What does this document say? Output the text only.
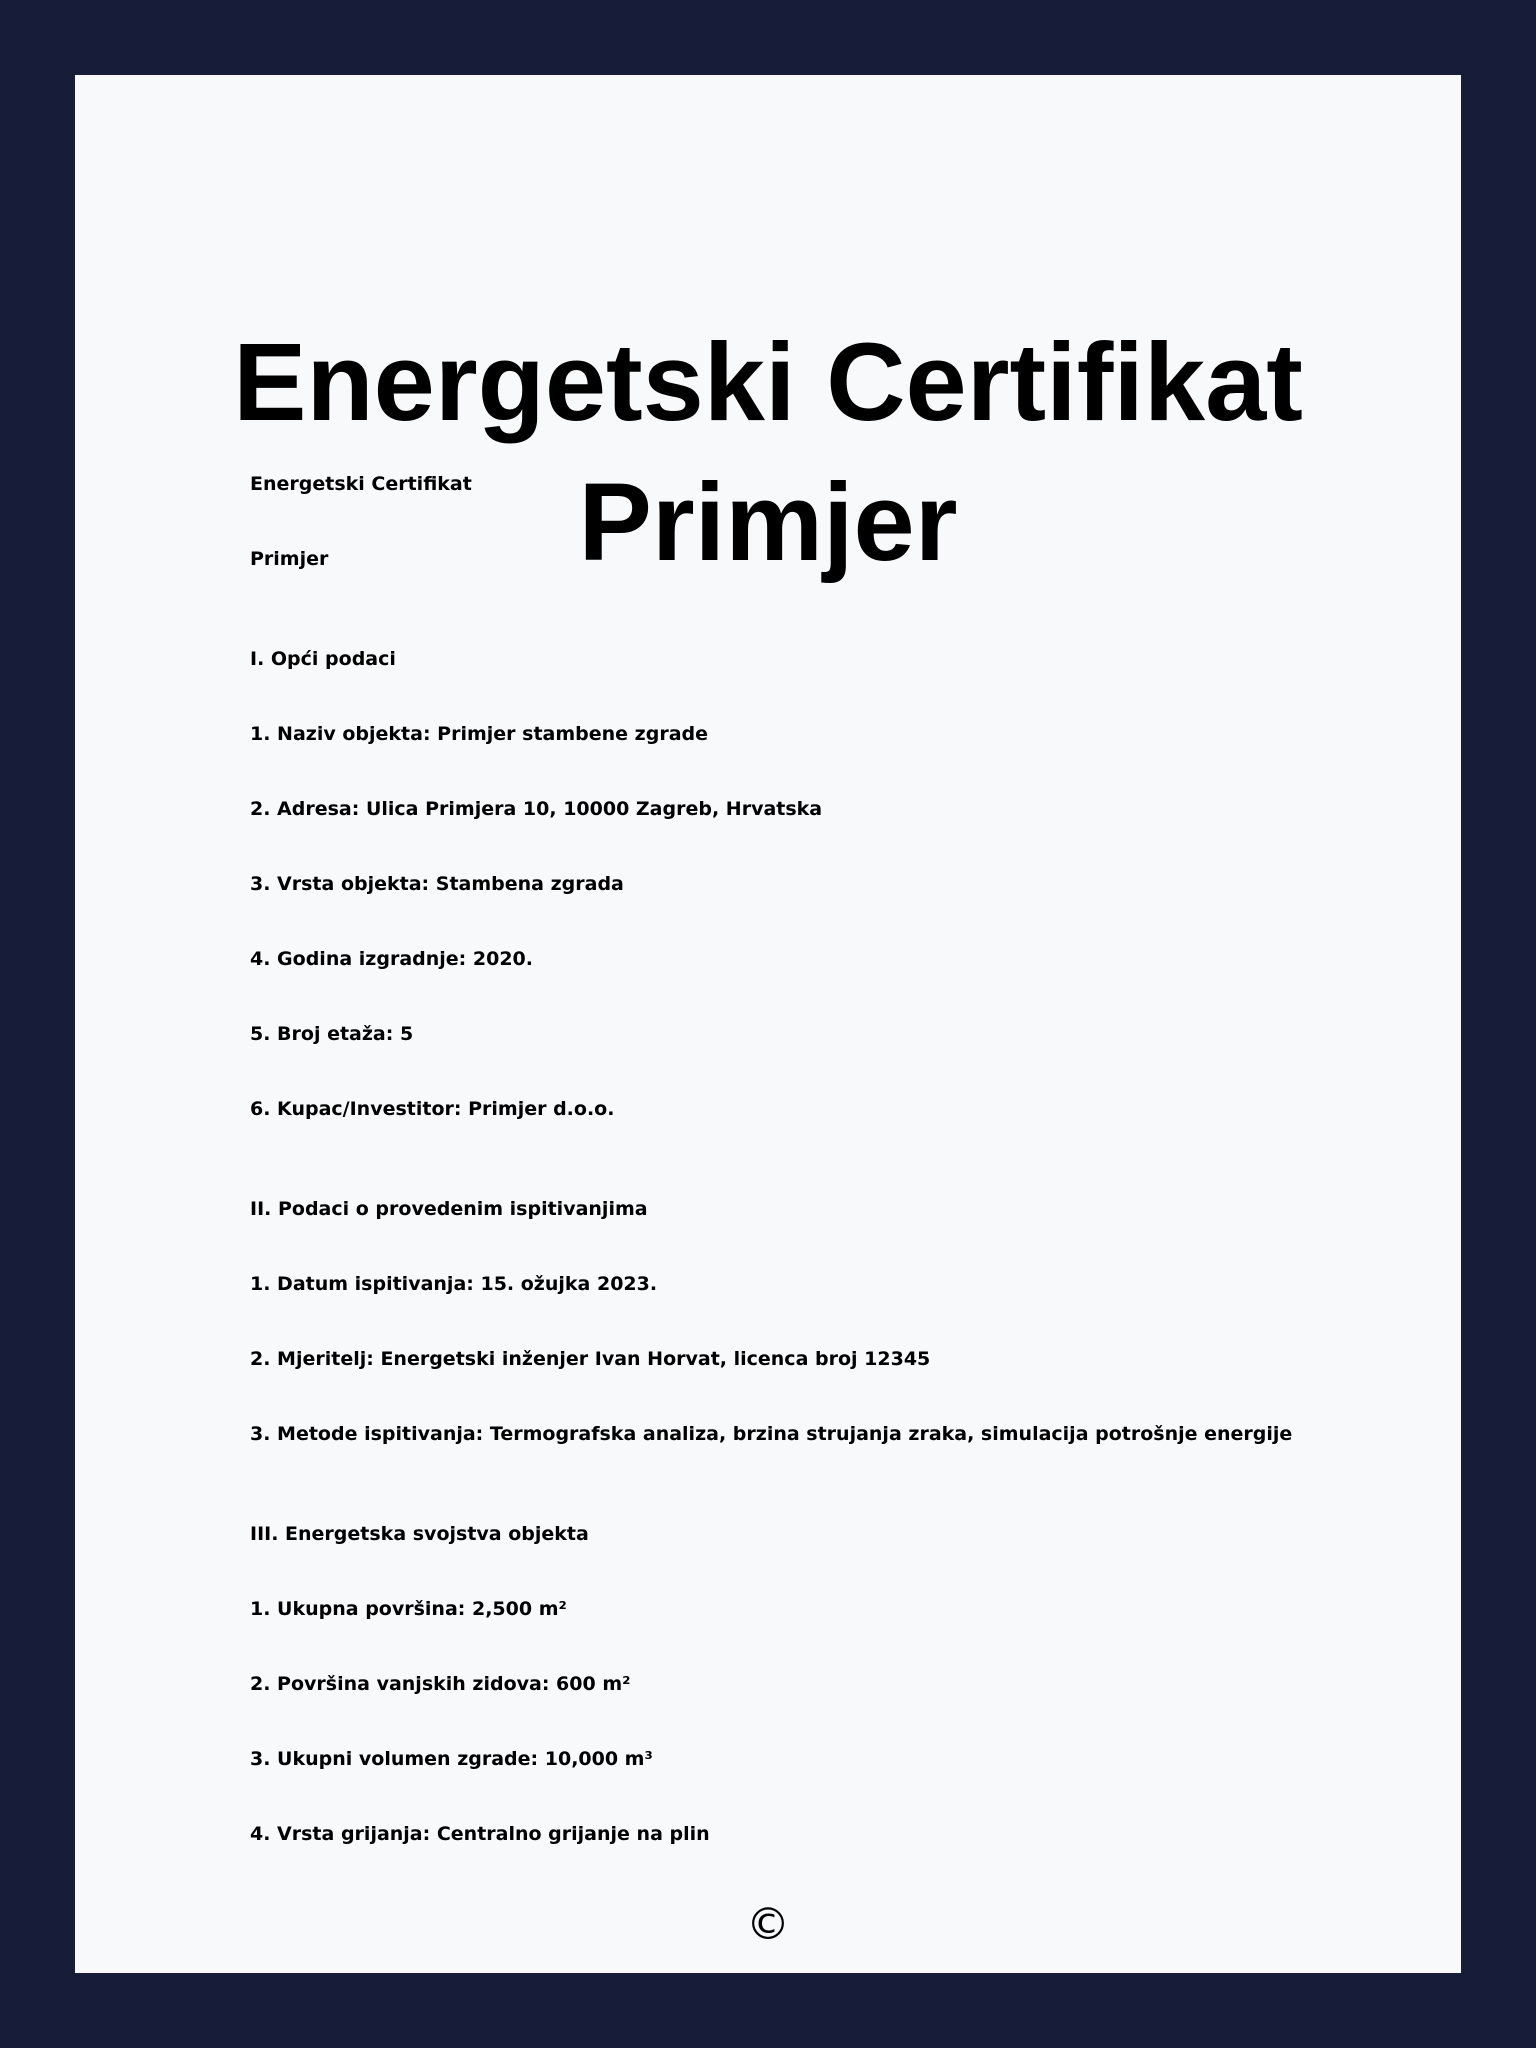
Energetski Certifikat Primjer

Energetski Certifikat

Primjer

I. Opći podaci

1. Naziv objekta: Primjer stambene zgrade

2. Adresa: Ulica Primjera 10, 10000 Zagreb, Hrvatska

3. Vrsta objekta: Stambena zgrada

4. Godina izgradnje: 2020.

5. Broj etaža: 5

6. Kupac/Investitor: Primjer d.o.o.

II. Podaci o provedenim ispitivanjima

1. Datum ispitivanja: 15. ožujka 2023.

2. Mjeritelj: Energetski inženjer Ivan Horvat, licenca broj 12345

3. Metode ispitivanja: Termografska analiza, brzina strujanja zraka, simulacija potrošnje energije

III. Energetska svojstva objekta

1. Ukupna površina: 2,500 m²

2. Površina vanjskih zidova: 600 m²

3. Ukupni volumen zgrade: 10,000 m³

4. Vrsta grijanja: Centralno grijanje na plin

©
